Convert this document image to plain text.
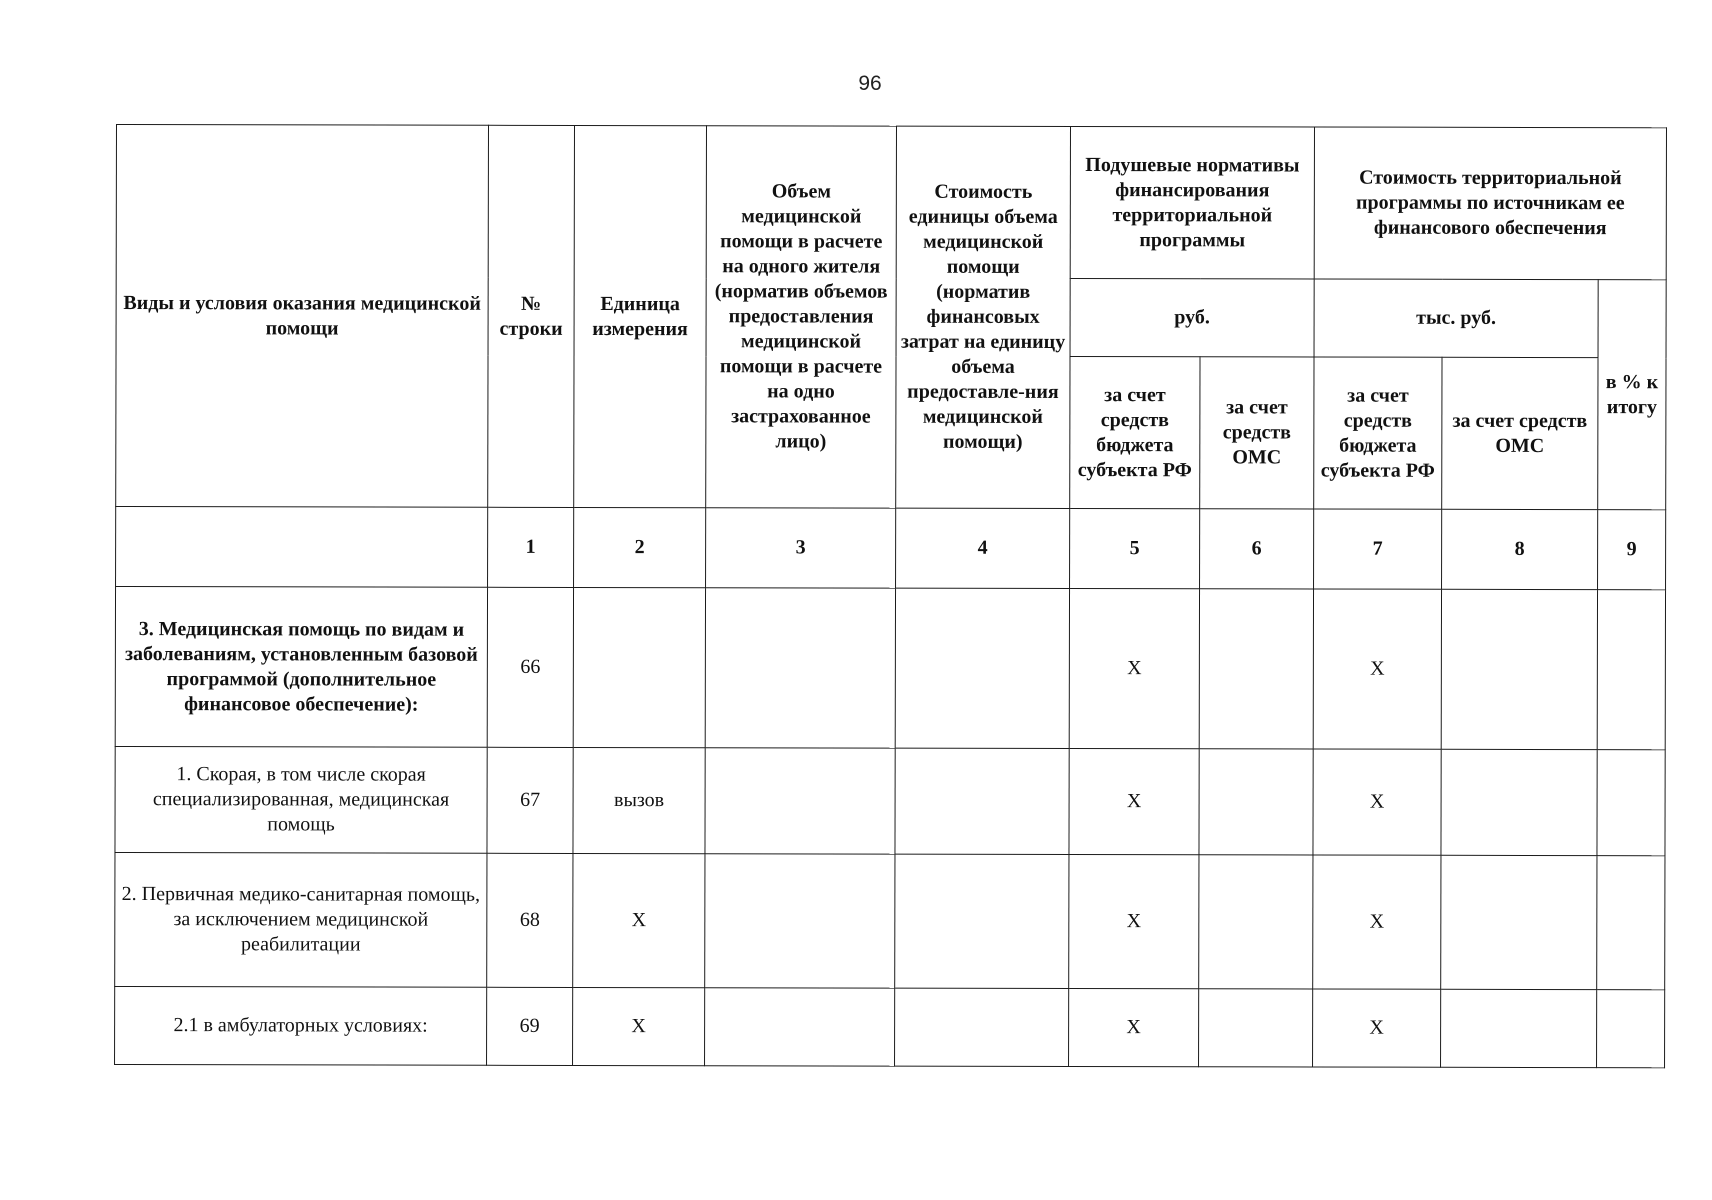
96
Виды и условия оказания медицинской помощи	№ строки	Единица измерения	Объем медицинской помощи в расчете на одного жителя (норматив объемов предоставления медицинской помощи в расчете на одно застрахованное лицо)	Стоимость единицы объема медицинской помощи (норматив финансовых затрат на единицу объема предоставле-ния медицинской помощи)	Подушевые нормативы финансирования территориальной программы		Стоимость территориальной программы по источникам ее финансового обеспечения		
					руб.		тыс. руб.		в % к итогу
					за счет средств бюджета субъекта РФ	за счет средств ОМС	за счет средств бюджета субъекта РФ	за счет средств ОМС	
	1	2	3	4	5	6	7	8	9
3. Медицинская помощь по видам и заболеваниям, установленным базовой программой (дополнительное финансовое обеспечение):	66				Х		Х		
1. Скорая, в том числе скорая специализированная, медицинская помощь	67	вызов			Х		Х		
2. Первичная медико-санитарная помощь, за исключением медицинской реабилитации	68	Х			Х		Х		
2.1 в амбулаторных условиях:	69	Х			Х		Х		
